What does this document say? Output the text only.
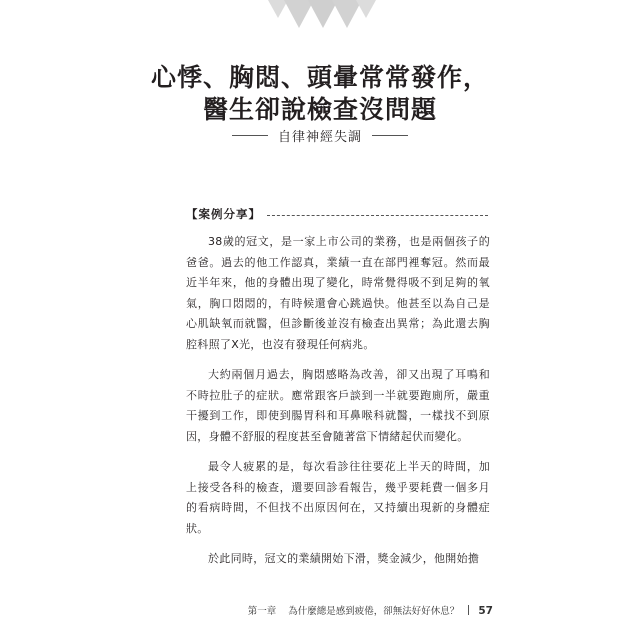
心悸、胸悶、頭暈常常發作，
醫生卻說檢查沒問題
自律神經失調
【案例分享】

38歲的冠文，是一家上市公司的業務，也是兩個孩子的爸爸。過去的他工作認真，業績一直在部門裡奪冠。然而最近半年來，他的身體出現了變化，時常覺得吸不到足夠的氧氣，胸口悶悶的，有時候還會心跳過快。他甚至以為自己是心肌缺氧而就醫，但診斷後並沒有檢查出異常；為此還去胸腔科照了X光，也沒有發現任何病兆。

大約兩個月過去，胸悶感略為改善，卻又出現了耳鳴和不時拉肚子的症狀。應常跟客戶談到一半就要跑廁所，嚴重干擾到工作，即使到腸胃科和耳鼻喉科就醫，一樣找不到原因，身體不舒服的程度甚至會隨著當下情緒起伏而變化。

最令人疲累的是，每次看診往往要花上半天的時間，加上接受各科的檢查，還要回診看報告，幾乎要耗費一個多月的看病時間，不但找不出原因何在，又持續出現新的身體症狀。

於此同時，冠文的業績開始下滑，獎金減少，他開始擔

第一章 為什麼總是感到疲倦，卻無法好好休息？ 57
